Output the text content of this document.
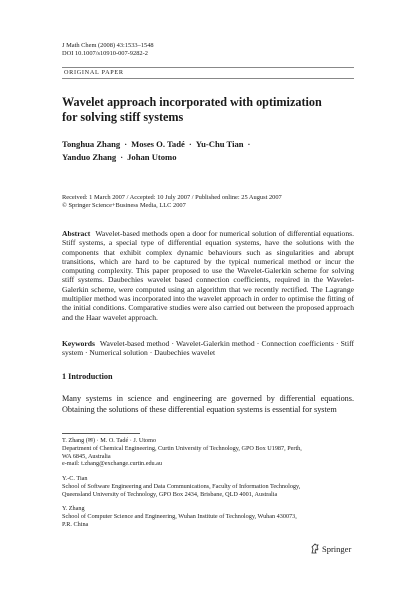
J Math Chem (2008) 43:1533–1548
DOI 10.1007/s10910-007-9282-2
ORIGINAL PAPER
Wavelet approach incorporated with optimization
for solving stiff systems
Tonghua Zhang · Moses O. Tadé · Yu-Chu Tian ·
Yanduo Zhang · Johan Utomo
Received: 1 March 2007 / Accepted: 10 July 2007 / Published online: 25 August 2007
© Springer Science+Business Media, LLC 2007
Abstract Wavelet-based methods open a door for numerical solution of differential equations. Stiff systems, a special type of differential equation systems, have the solutions with the components that exhibit complex dynamic behaviours such as singularities and abrupt transitions, which are hard to be captured by the typical numerical method or incur the computing complexity. This paper proposed to use the Wavelet-Galerkin scheme for solving stiff systems. Daubechies wavelet based connection coefficients, required in the Wavelet-Galerkin scheme, were computed using an algorithm that we recently rectified. The Lagrange multiplier method was incorporated into the wavelet approach in order to optimise the fitting of the initial conditions. Comparative studies were also carried out between the proposed approach and the Haar wavelet approach.
Keywords Wavelet-based method · Wavelet-Galerkin method · Connection coefficients · Stiff system · Numerical solution · Daubechies wavelet
1 Introduction
Many systems in science and engineering are governed by differential equations. Obtaining the solutions of these differential equation systems is essential for system
T. Zhang (✉) · M. O. Tadé · J. Utomo
Department of Chemical Engineering, Curtin University of Technology, GPO Box U1987, Perth,
WA 6845, Australia
e-mail: t.zhang@exchange.curtin.edu.au
Y.-C. Tian
School of Software Engineering and Data Communications, Faculty of Information Technology,
Queensland University of Technology, GPO Box 2434, Brisbane, QLD 4001, Australia
Y. Zhang
School of Computer Science and Engineering, Wuhan Institute of Technology, Wuhan 430073,
P.R. China
Springer
